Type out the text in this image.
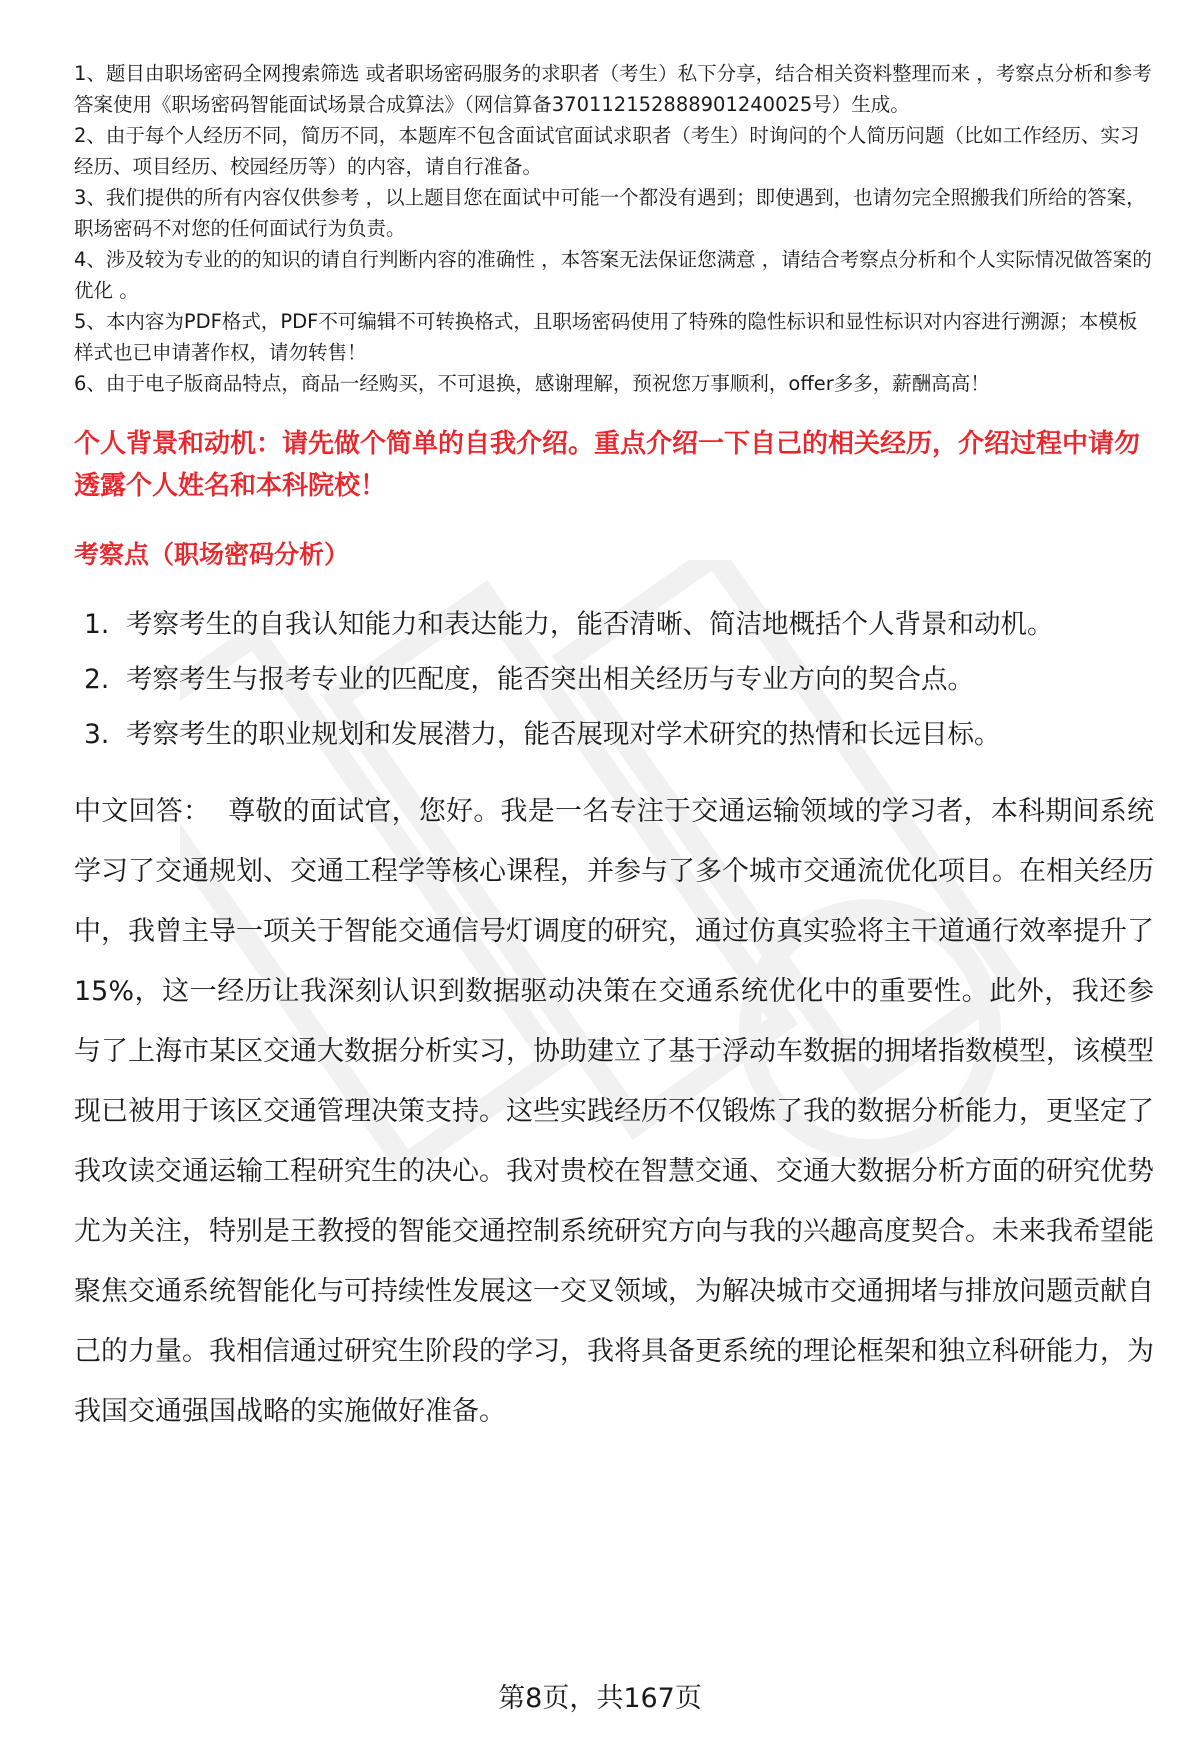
1、题目由职场密码全网搜索筛选 或者职场密码服务的求职者（考生）私下分享，结合相关资料整理而来 ，考察点分析和参考答案使用《职场密码智能面试场景合成算法》（网信算备370112152888901240025号）生成。
2、由于每个人经历不同，简历不同，本题库不包含面试官面试求职者（考生）时询问的个人简历问题（比如工作经历、实习经历、项目经历、校园经历等）的内容，请自行准备。
3、我们提供的所有内容仅供参考 ，以上题目您在面试中可能一个都没有遇到；即使遇到，也请勿完全照搬我们所给的答案，职场密码不对您的任何面试行为负责。
4、涉及较为专业的的知识的请自行判断内容的准确性 ，本答案无法保证您满意 ，请结合考察点分析和个人实际情况做答案的优化 。
5、本内容为PDF格式，PDF不可编辑不可转换格式，且职场密码使用了特殊的隐性标识和显性标识对内容进行溯源；本模板样式也已申请著作权，请勿转售！
6、由于电子版商品特点，商品一经购买，不可退换，感谢理解，预祝您万事顺利，offer多多，薪酬高高！
个人背景和动机：请先做个简单的自我介绍。重点介绍一下自己的相关经历，介绍过程中请勿透露个人姓名和本科院校！
考察点（职场密码分析）
1. 考察考生的自我认知能力和表达能力，能否清晰、简洁地概括个人背景和动机。
2. 考察考生与报考专业的匹配度，能否突出相关经历与专业方向的契合点。
3. 考察考生的职业规划和发展潜力，能否展现对学术研究的热情和长远目标。
中文回答： 尊敬的面试官，您好。我是一名专注于交通运输领域的学习者，本科期间系统学习了交通规划、交通工程学等核心课程，并参与了多个城市交通流优化项目。在相关经历中，我曾主导一项关于智能交通信号灯调度的研究，通过仿真实验将主干道通行效率提升了15%，这一经历让我深刻认识到数据驱动决策在交通系统优化中的重要性。此外，我还参与了上海市某区交通大数据分析实习，协助建立了基于浮动车数据的拥堵指数模型，该模型现已被用于该区交通管理决策支持。这些实践经历不仅锻炼了我的数据分析能力，更坚定了我攻读交通运输工程研究生的决心。我对贵校在智慧交通、交通大数据分析方面的研究优势尤为关注，特别是王教授的智能交通控制系统研究方向与我的兴趣高度契合。未来我希望能聚焦交通系统智能化与可持续性发展这一交叉领域，为解决城市交通拥堵与排放问题贡献自己的力量。我相信通过研究生阶段的学习，我将具备更系统的理论框架和独立科研能力，为我国交通强国战略的实施做好准备。
第8页，共167页
